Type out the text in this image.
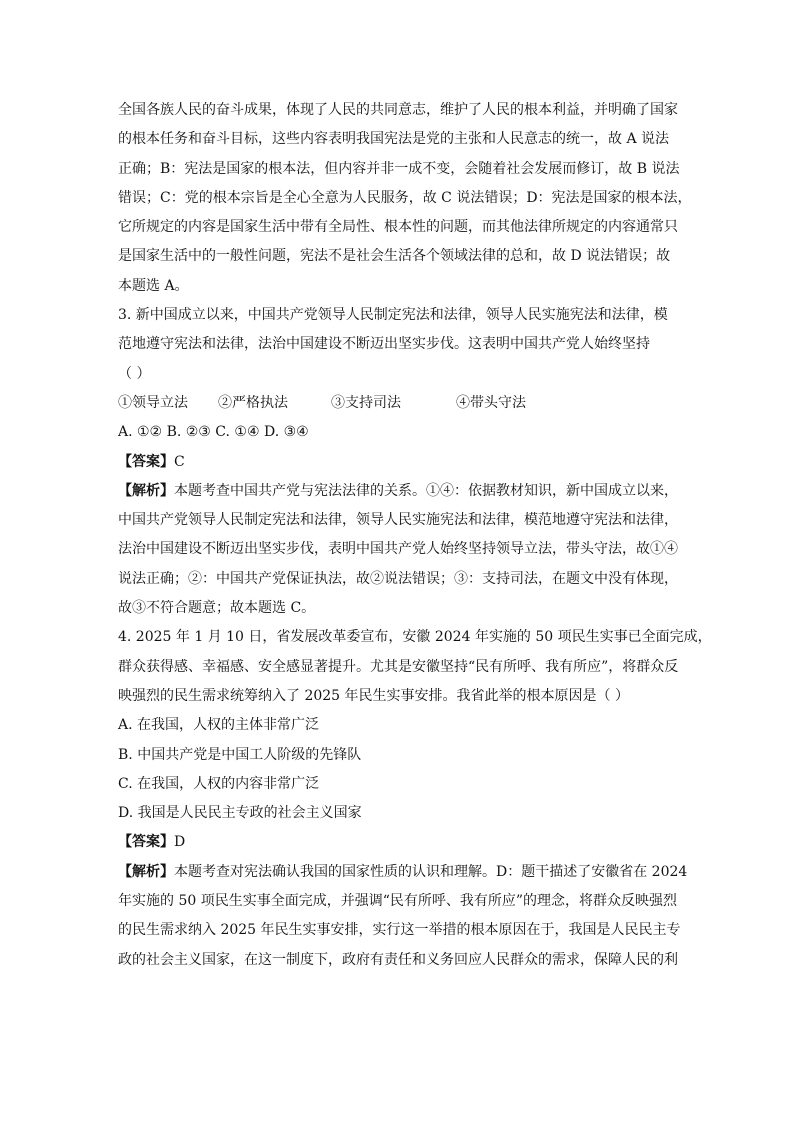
全国各族人民的奋斗成果，体现了人民的共同意志，维护了人民的根本利益，并明确了国家
的根本任务和奋斗目标，这些内容表明我国宪法是党的主张和人民意志的统一，故 A 说法
正确；B：宪法是国家的根本法，但内容并非一成不变，会随着社会发展而修订，故 B 说法
错误；C：党的根本宗旨是全心全意为人民服务，故 C 说法错误；D：宪法是国家的根本法，
它所规定的内容是国家生活中带有全局性、根本性的问题，而其他法律所规定的内容通常只
是国家生活中的一般性问题，宪法不是社会生活各个领域法律的总和，故 D 说法错误；故
本题选 A。
3. 新中国成立以来，中国共产党领导人民制定宪法和法律，领导人民实施宪法和法律，模
范地遵守宪法和法律，法治中国建设不断迈出坚实步伐。这表明中国共产党人始终坚持
（ ）
①领导立法	②严格执法	③支持司法	④带头守法
A. ①② B. ②③ C. ①④ D. ③④
【答案】C
【解析】本题考查中国共产党与宪法法律的关系。①④：依据教材知识，新中国成立以来，
中国共产党领导人民制定宪法和法律，领导人民实施宪法和法律，模范地遵守宪法和法律，
法治中国建设不断迈出坚实步伐，表明中国共产党人始终坚持领导立法，带头守法，故①④
说法正确；②：中国共产党保证执法，故②说法错误；③：支持司法，在题文中没有体现，
故③不符合题意；故本题选 C。
4. 2025 年 1 月 10 日，省发展改革委宣布，安徽 2024 年实施的 50 项民生实事已全面完成，
群众获得感、幸福感、安全感显著提升。尤其是安徽坚持“民有所呼、我有所应”，将群众反
映强烈的民生需求统筹纳入了 2025 年民生实事安排。我省此举的根本原因是（ ）
A. 在我国，人权的主体非常广泛
B. 中国共产党是中国工人阶级的先锋队
C. 在我国，人权的内容非常广泛
D. 我国是人民民主专政的社会主义国家
【答案】D
【解析】本题考查对宪法确认我国的国家性质的认识和理解。D：题干描述了安徽省在 2024
年实施的 50 项民生实事全面完成，并强调“民有所呼、我有所应”的理念，将群众反映强烈
的民生需求纳入 2025 年民生实事安排，实行这一举措的根本原因在于，我国是人民民主专
政的社会主义国家，在这一制度下，政府有责任和义务回应人民群众的需求，保障人民的利
